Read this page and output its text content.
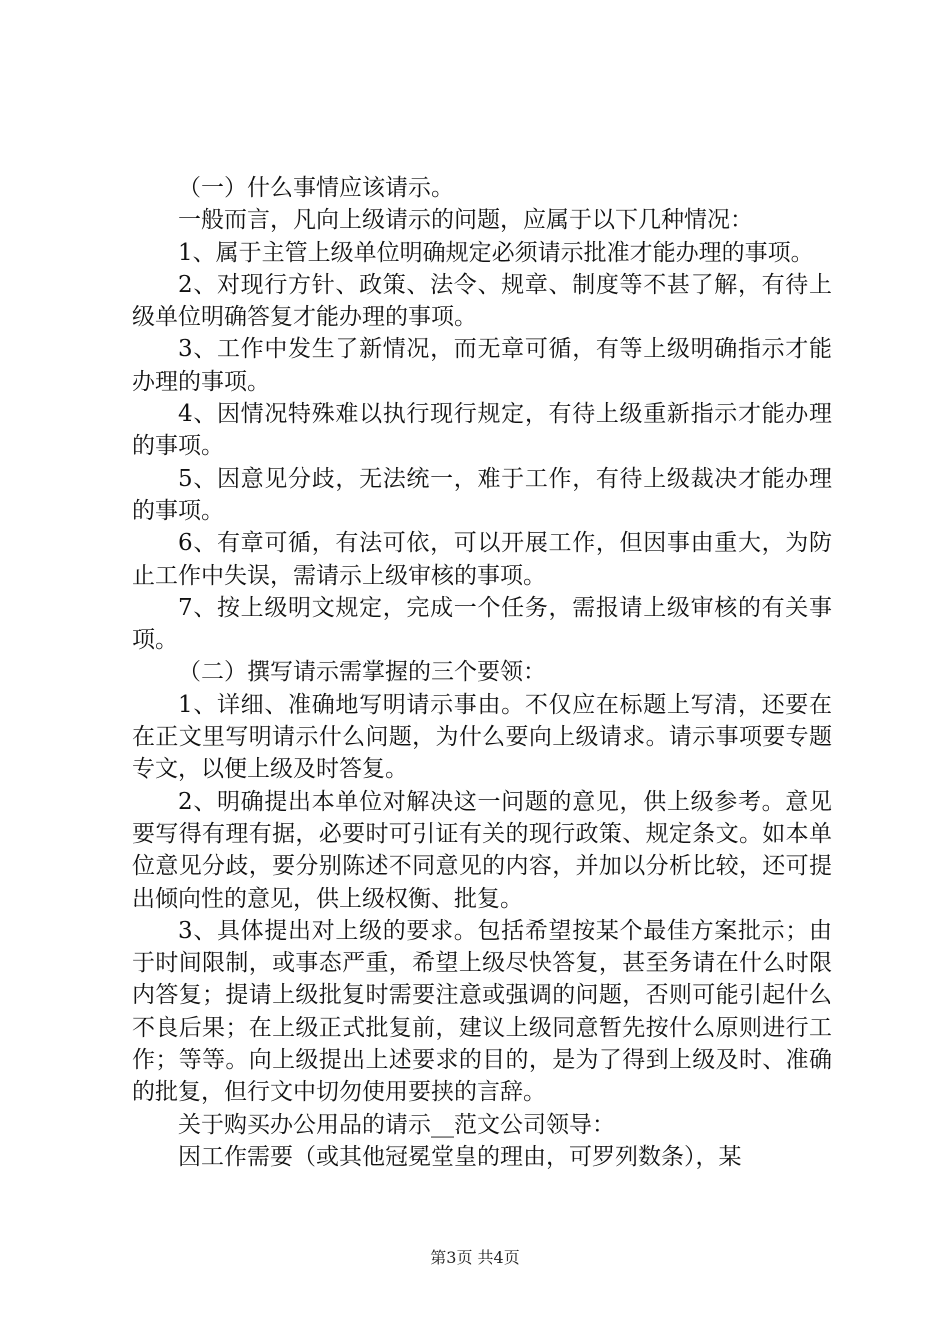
（一）什么事情应该请示。

一般而言，凡向上级请示的问题，应属于以下几种情况：

1、属于主管上级单位明确规定必须请示批准才能办理的事项。

2、对现行方针、政策、法令、规章、制度等不甚了解，有待上级单位明确答复才能办理的事项。

3、工作中发生了新情况，而无章可循，有等上级明确指示才能办理的事项。

4、因情况特殊难以执行现行规定，有待上级重新指示才能办理的事项。

5、因意见分歧，无法统一，难于工作，有待上级裁决才能办理的事项。

6、有章可循，有法可依，可以开展工作，但因事由重大，为防止工作中失误，需请示上级审核的事项。

7、按上级明文规定，完成一个任务，需报请上级审核的有关事项。

（二）撰写请示需掌握的三个要领：

1、详细、准确地写明请示事由。不仅应在标题上写清，还要在在正文里写明请示什么问题，为什么要向上级请求。请示事项要专题专文，以便上级及时答复。

2、明确提出本单位对解决这一问题的意见，供上级参考。意见要写得有理有据，必要时可引证有关的现行政策、规定条文。如本单位意见分歧，要分别陈述不同意见的内容，并加以分析比较，还可提出倾向性的意见，供上级权衡、批复。

3、具体提出对上级的要求。包括希望按某个最佳方案批示；由于时间限制，或事态严重，希望上级尽快答复，甚至务请在什么时限内答复；提请上级批复时需要注意或强调的问题，否则可能引起什么不良后果；在上级正式批复前，建议上级同意暂先按什么原则进行工作；等等。向上级提出上述要求的目的，是为了得到上级及时、准确的批复，但行文中切勿使用要挟的言辞。

关于购买办公用品的请示__范文公司领导：

因工作需要（或其他冠冕堂皇的理由，可罗列数条），某

第3页 共4页
